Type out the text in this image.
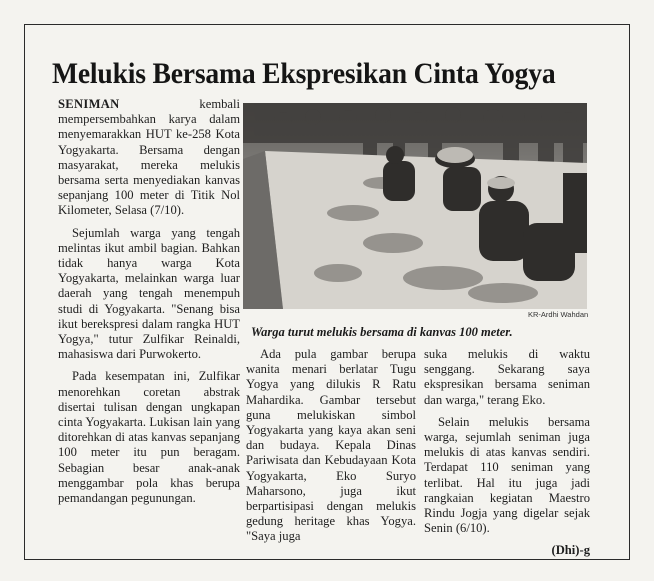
Melukis Bersama Ekspresikan Cinta Yogya

SENIMAN kembali mempersembahkan karya dalam menyemarakkan HUT ke-258 Kota Yogyakarta. Bersama dengan masyarakat, mereka melukis bersama serta menyediakan kanvas sepanjang 100 meter di Titik Nol Kilometer, Selasa (7/10).

Sejumlah warga yang tengah melintas ikut ambil bagian. Bahkan tidak hanya warga Kota Yogyakarta, melainkan warga luar daerah yang tengah menempuh studi di Yogyakarta. "Senang bisa ikut berekspresi dalam rangka HUT Yogya," tutur Zulfikar Reinaldi, mahasiswa dari Purwokerto.

Pada kesempatan ini, Zulfikar menorehkan coretan abstrak disertai tulisan dengan ungkapan cinta Yogyakarta. Lukisan lain yang ditorehkan di atas kanvas sepanjang 100 meter itu pun beragam. Sebagian besar anak-anak menggambar pola khas berupa pemandangan pegunungan.

KR-Ardhi Wahdan
Warga turut melukis bersama di kanvas 100 meter.

Ada pula gambar berupa wanita menari berlatar Tugu Yogya yang dilukis R Ratu Mahardika. Gambar tersebut guna melukiskan simbol Yogyakarta yang kaya akan seni dan budaya. Kepala Dinas Pariwisata dan Kebudayaan Kota Yogyakarta, Eko Suryo Maharsono, juga ikut berpartisipasi dengan melukis gedung heritage khas Yogya. "Saya juga

suka melukis di waktu senggang. Sekarang saya ekspresikan bersama seniman dan warga," terang Eko.

Selain melukis bersama warga, sejumlah seniman juga melukis di atas kanvas sendiri. Terdapat 110 seniman yang terlibat. Hal itu juga jadi rangkaian kegiatan Maestro Rindu Jogja yang digelar sejak Senin (6/10).

(Dhi)-g
